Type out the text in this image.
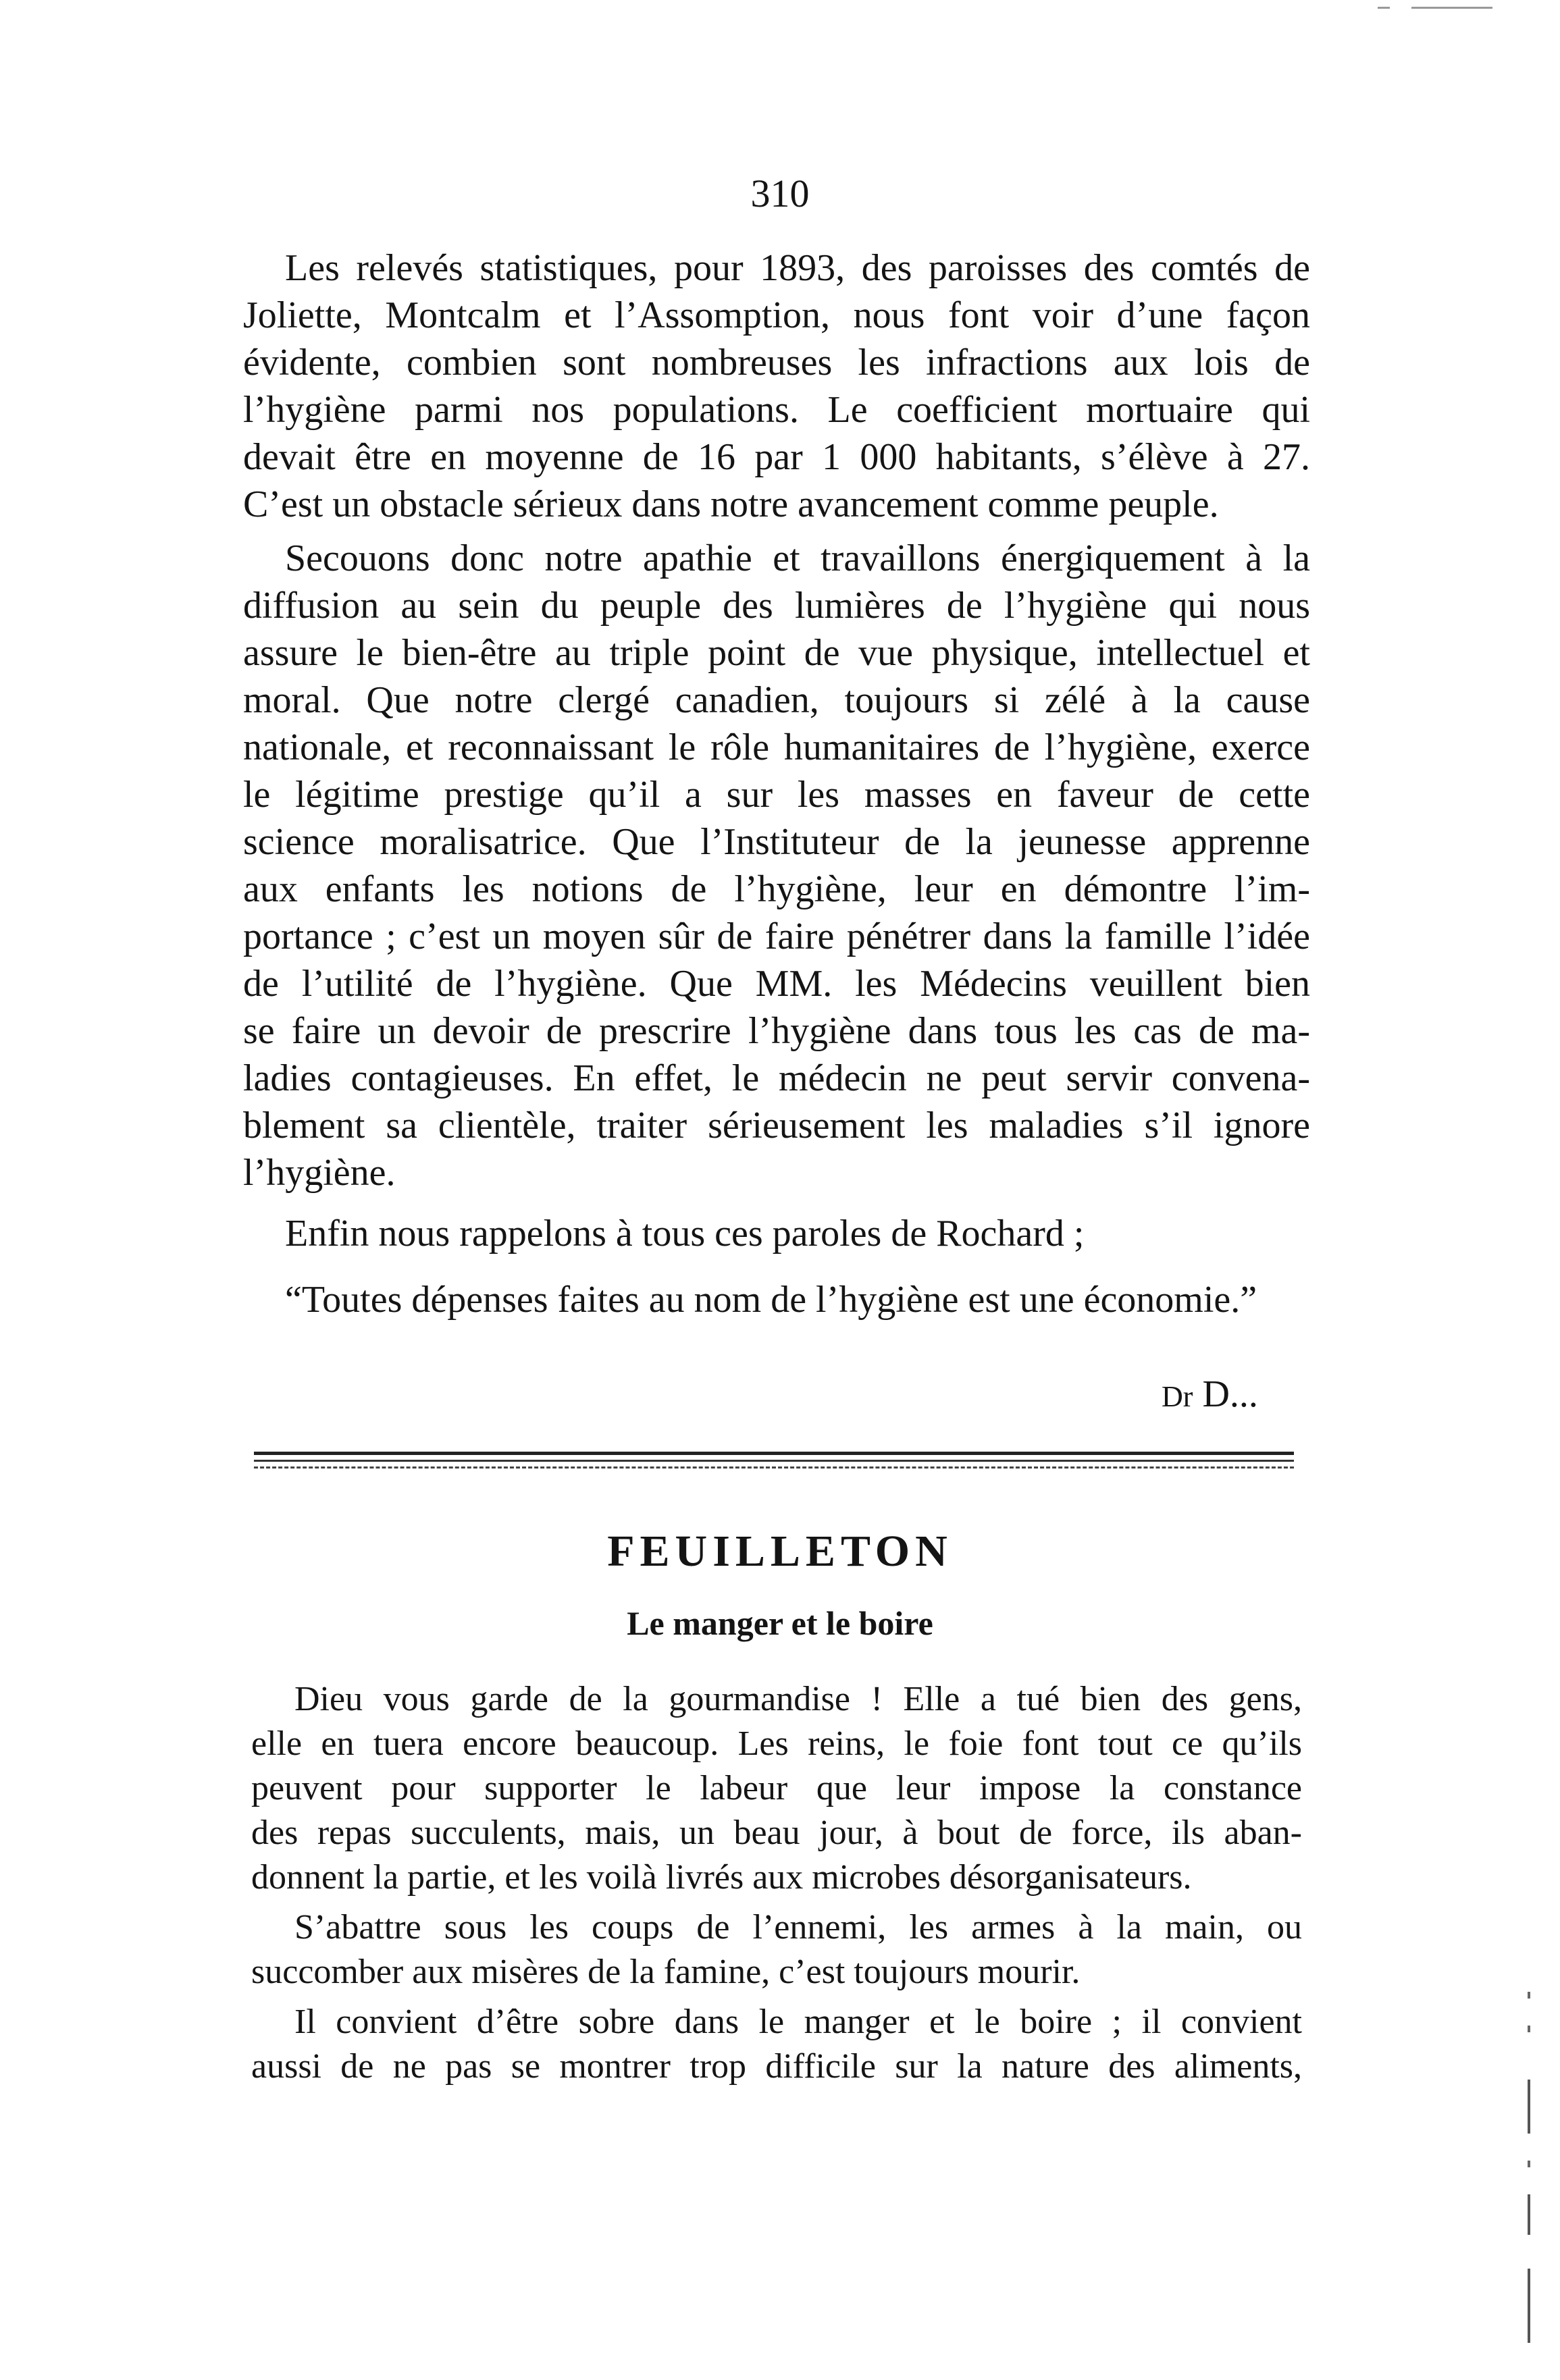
310
Les relevés statistiques, pour 1893, des paroisses des comtés de
Joliette, Montcalm et l’Assomption, nous font voir d’une façon
évidente, combien sont nombreuses les infractions aux lois de
l’hygiène parmi nos populations. Le coefficient mortuaire qui
devait être en moyenne de 16 par 1 000 habitants, s’élève à 27.
C’est un obstacle sérieux dans notre avancement comme peuple.
Secouons donc notre apathie et travaillons énergiquement à la
diffusion au sein du peuple des lumières de l’hygiène qui nous
assure le bien-être au triple point de vue physique, intellectuel et
moral. Que notre clergé canadien, toujours si zélé à la cause
nationale, et reconnaissant le rôle humanitaires de l’hygiène, exerce
le légitime prestige qu’il a sur les masses en faveur de cette
science moralisatrice. Que l’Instituteur de la jeunesse apprenne
aux enfants les notions de l’hygiène, leur en démontre l’im-
portance ; c’est un moyen sûr de faire pénétrer dans la famille l’idée
de l’utilité de l’hygiène. Que MM. les Médecins veuillent bien
se faire un devoir de prescrire l’hygiène dans tous les cas de ma-
ladies contagieuses. En effet, le médecin ne peut servir convena-
blement sa clientèle, traiter sérieusement les maladies s’il ignore
l’hygiène.
Enfin nous rappelons à tous ces paroles de Rochard ;
“Toutes dépenses faites au nom de l’hygiène est une économie.”
Dr D...
FEUILLETON
Le manger et le boire
Dieu vous garde de la gourmandise ! Elle a tué bien des gens,
elle en tuera encore beaucoup. Les reins, le foie font tout ce qu’ils
peuvent pour supporter le labeur que leur impose la constance
des repas succulents, mais, un beau jour, à bout de force, ils aban-
donnent la partie, et les voilà livrés aux microbes désorganisateurs.
S’abattre sous les coups de l’ennemi, les armes à la main, ou
succomber aux misères de la famine, c’est toujours mourir.
Il convient d’être sobre dans le manger et le boire ; il convient
aussi de ne pas se montrer trop difficile sur la nature des aliments,
